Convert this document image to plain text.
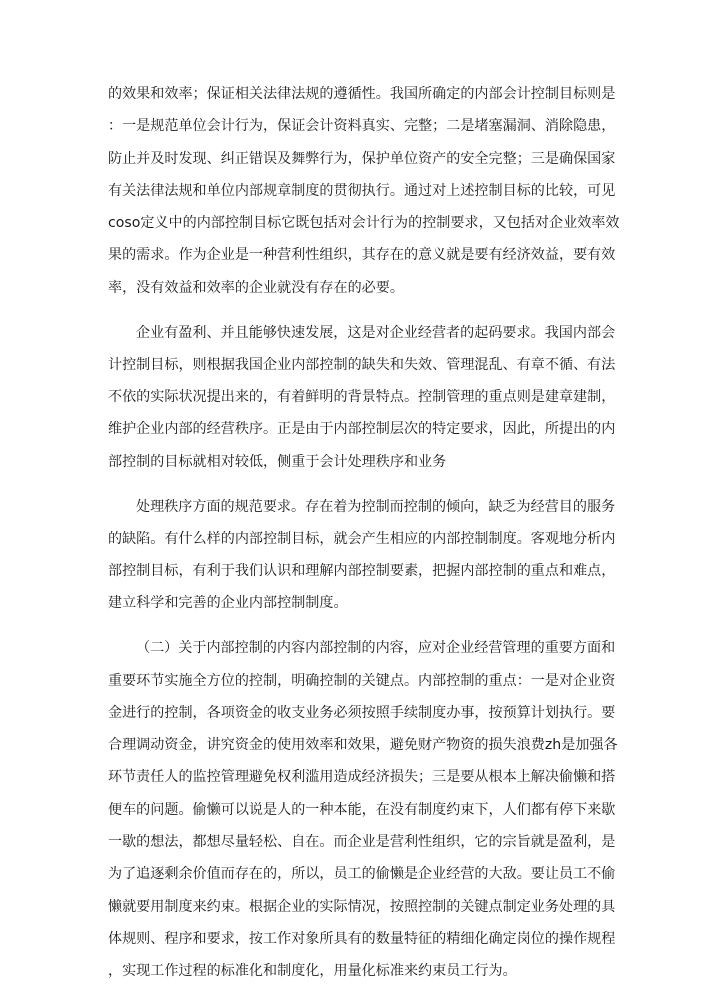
的效果和效率；保证相关法律法规的遵循性。我国所确定的内部会计控制目标则是
：一是规范单位会计行为，保证会计资料真实、完整；二是堵塞漏洞、消除隐患，
防止并及时发现、纠正错误及舞弊行为，保护单位资产的安全完整；三是确保国家
有关法律法规和单位内部规章制度的贯彻执行。通过对上述控制目标的比较，可见
coso定义中的内部控制目标它既包括对会计行为的控制要求，又包括对企业效率效
果的需求。作为企业是一种营利性组织，其存在的意义就是要有经济效益，要有效
率，没有效益和效率的企业就没有存在的必要。
企业有盈利、并且能够快速发展，这是对企业经营者的起码要求。我国内部会
计控制目标，则根据我国企业内部控制的缺失和失效、管理混乱、有章不循、有法
不依的实际状况提出来的，有着鲜明的背景特点。控制管理的重点则是建章建制，
维护企业内部的经营秩序。正是由于内部控制层次的特定要求，因此，所提出的内
部控制的目标就相对较低，侧重于会计处理秩序和业务
处理秩序方面的规范要求。存在着为控制而控制的倾向，缺乏为经营目的服务
的缺陷。有什么样的内部控制目标，就会产生相应的内部控制制度。客观地分析内
部控制目标，有利于我们认识和理解内部控制要素，把握内部控制的重点和难点，
建立科学和完善的企业内部控制制度。
（二）关于内部控制的内容内部控制的内容，应对企业经营管理的重要方面和
重要环节实施全方位的控制，明确控制的关键点。内部控制的重点：一是对企业资
金进行的控制，各项资金的收支业务必须按照手续制度办事，按预算计划执行。要
合理调动资金，讲究资金的使用效率和效果，避免财产物资的损失浪费zh是加强各
环节责任人的监控管理避免权利滥用造成经济损失；三是要从根本上解决偷懒和搭
便车的问题。偷懒可以说是人的一种本能，在没有制度约束下，人们都有停下来歇
一歇的想法，都想尽量轻松、自在。而企业是营利性组织，它的宗旨就是盈利，是
为了追逐剩余价值而存在的，所以，员工的偷懒是企业经营的大敌。要让员工不偷
懒就要用制度来约束。根据企业的实际情况，按照控制的关键点制定业务处理的具
体规则、程序和要求，按工作对象所具有的数量特征的精细化确定岗位的操作规程
，实现工作过程的标准化和制度化，用量化标准来约束员工行为。
